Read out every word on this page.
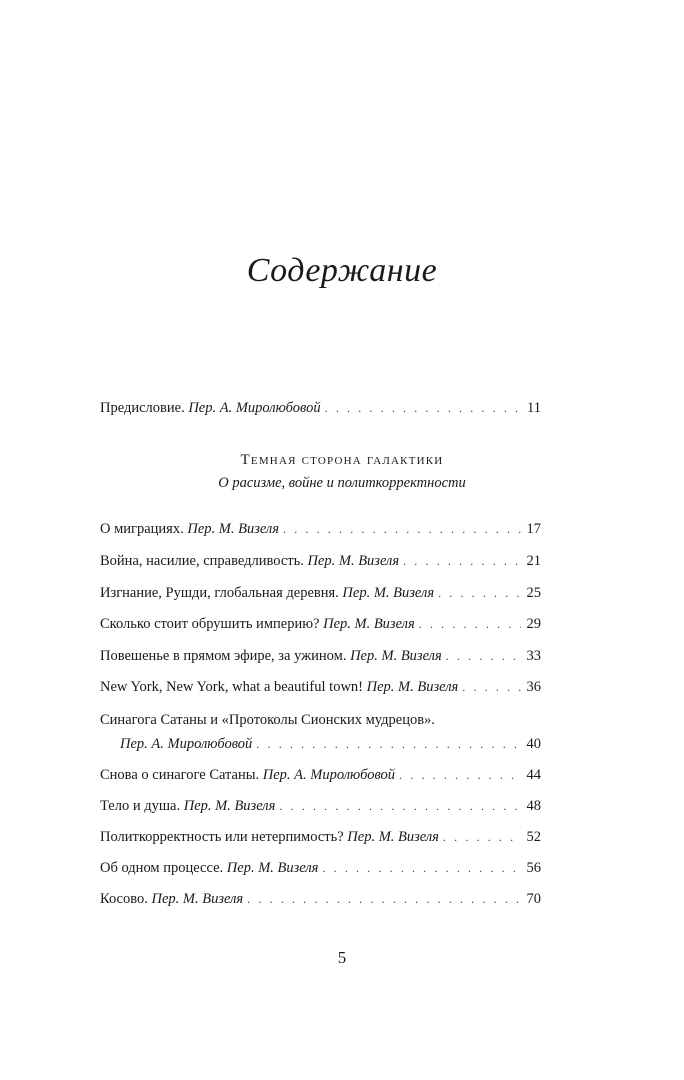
Содержание
Предисловие. Пер. А. Миролюбовой . . .	11
Темная сторона галактики
О расизме, войне и политкорректности
О миграциях. Пер. М. Визеля . . .	17
Война, насилие, справедливость. Пер. М. Визеля . . .	21
Изгнание, Рушди, глобальная деревня. Пер. М. Визеля . . .	25
Сколько стоит обрушить империю? Пер. М. Визеля . . .	29
Повешенье в прямом эфире, за ужином. Пер. М. Визеля . . .	33
New York, New York, what a beautiful town! Пер. М. Визеля . . .	36
Синагога Сатаны и «Протоколы Сионских мудрецов».
Пер. А. Миролюбовой . . .	40
Снова о синагоге Сатаны. Пер. А. Миролюбовой . . .	44
Тело и душа. Пер. М. Визеля . . .	48
Политкорректность или нетерпимость? Пер. М. Визеля . . .	52
Об одном процессе. Пер. М. Визеля . . .	56
Косово. Пер. М. Визеля . . .	70
5
